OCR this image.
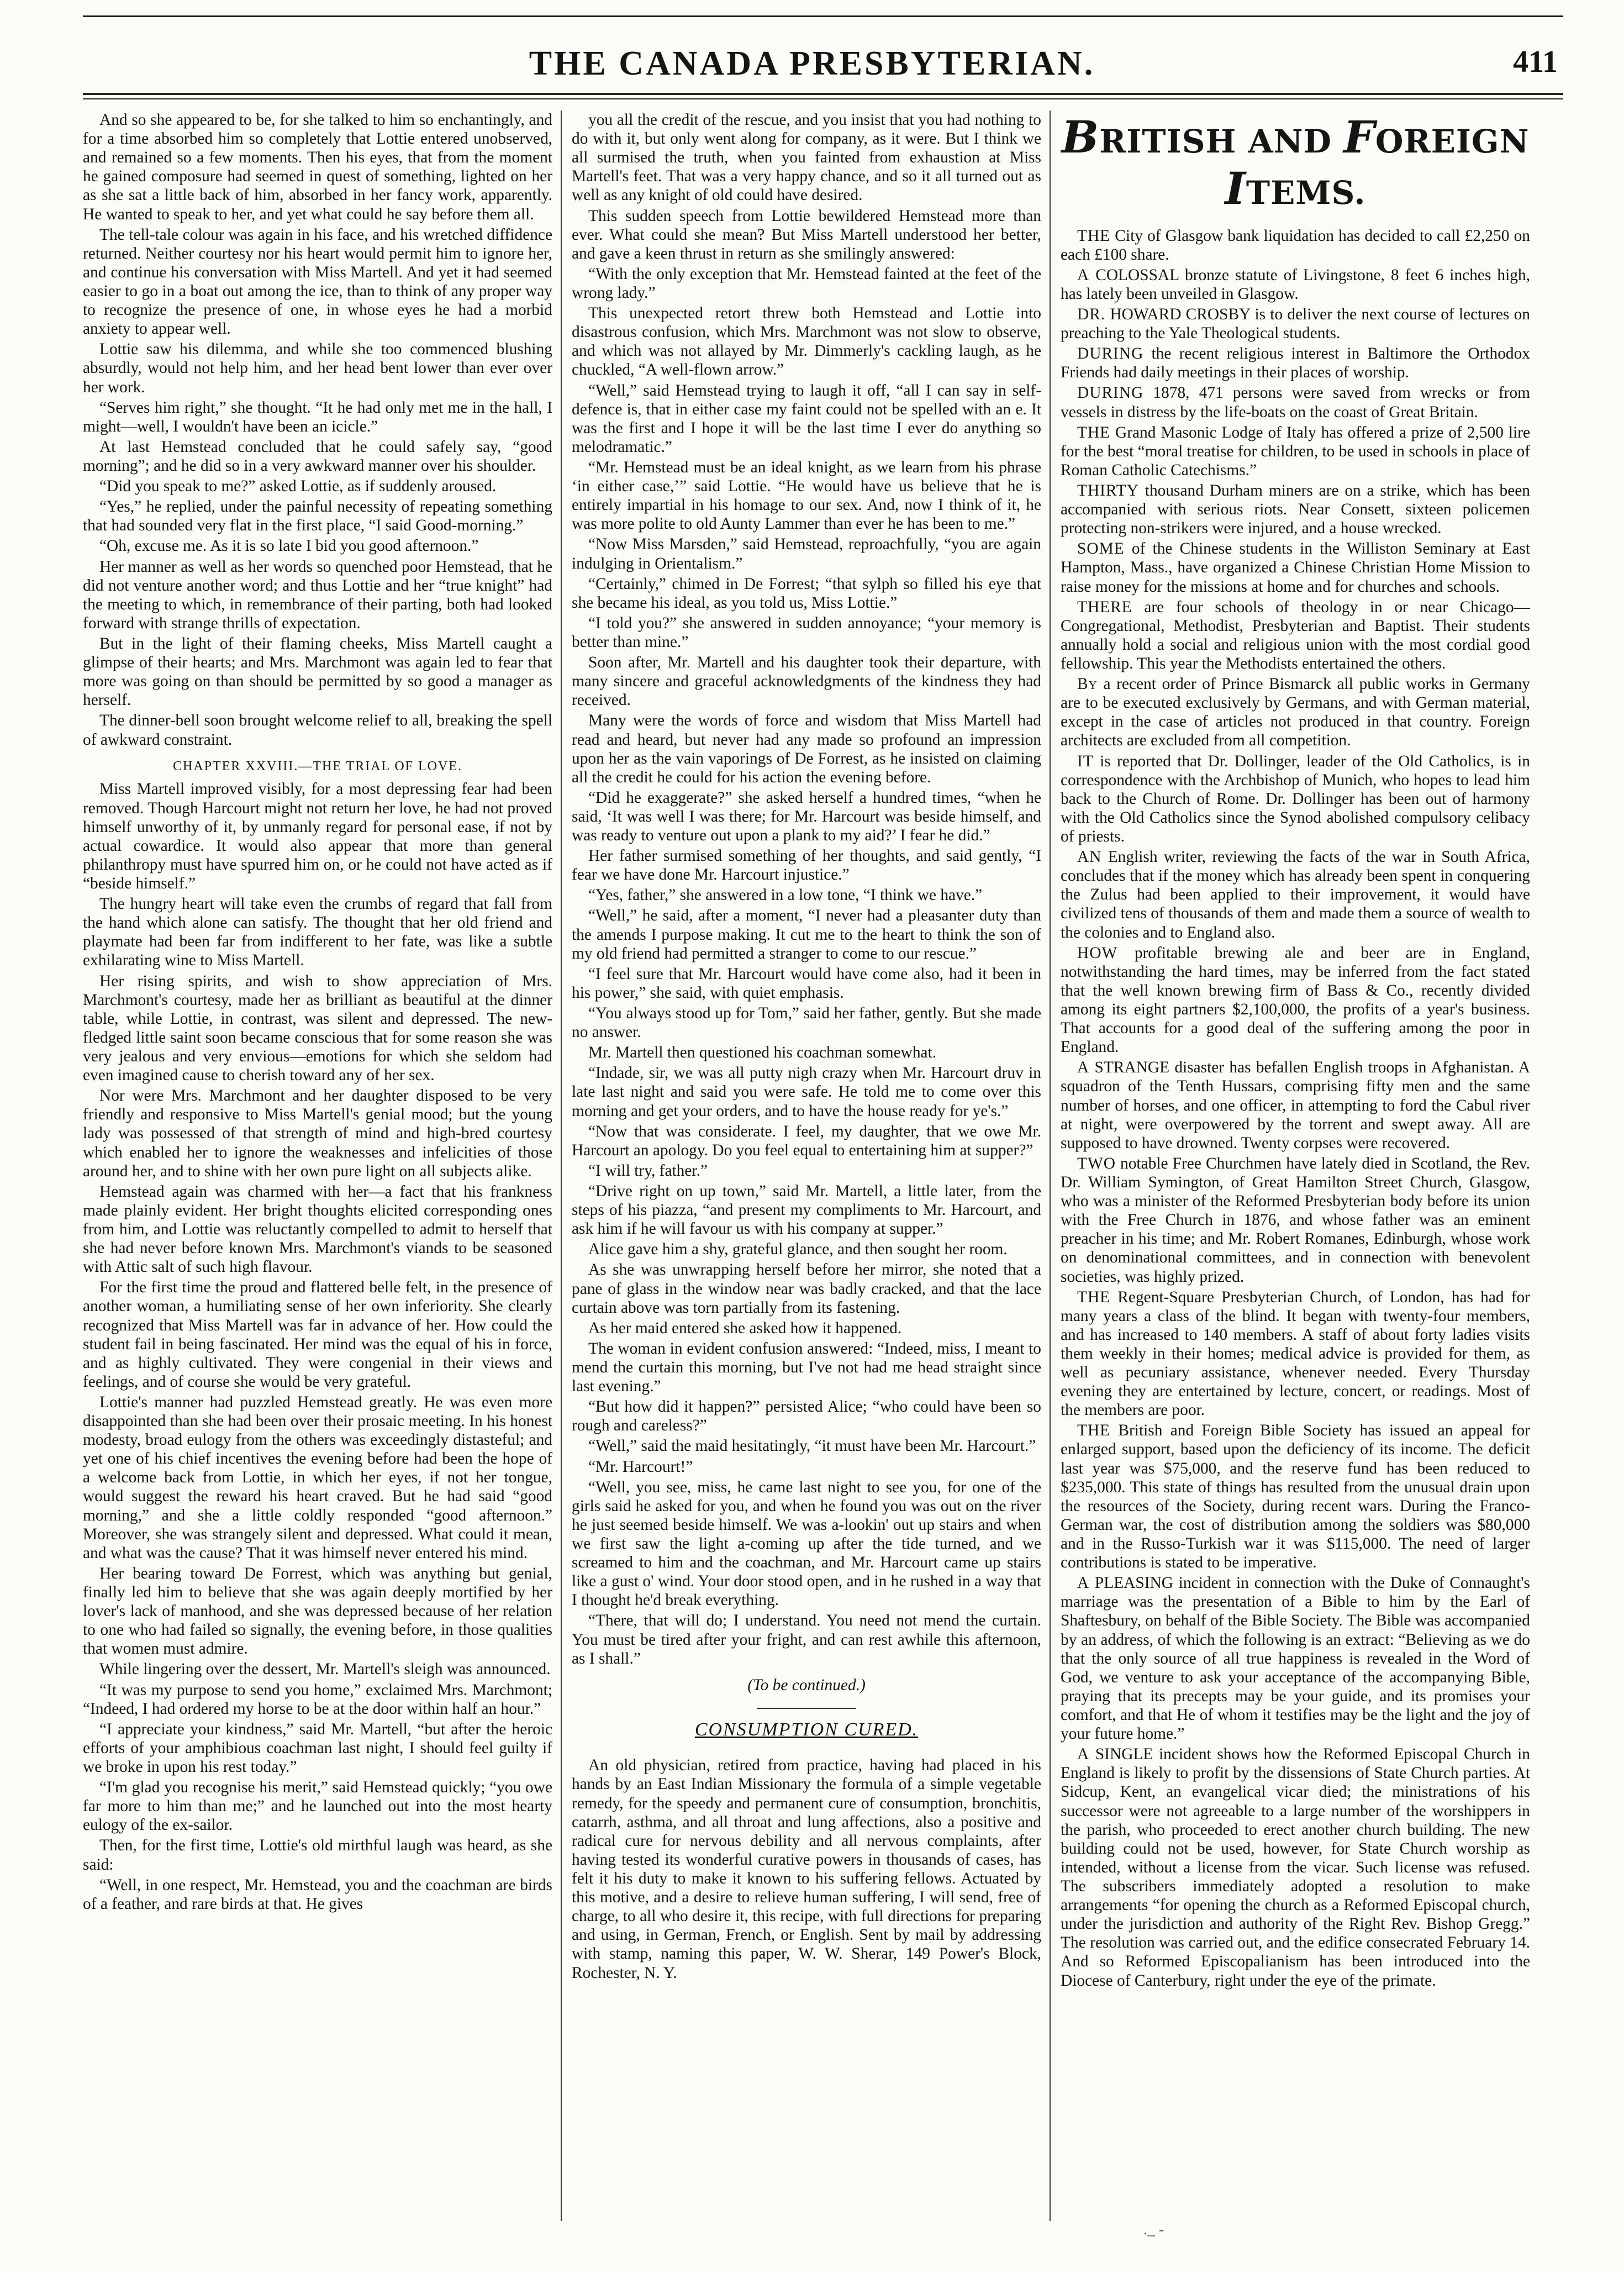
THE CANADA PRESBYTERIAN.	411

And so she appeared to be, for she talked to him so enchantingly, and for a time absorbed him so completely that Lottie entered unobserved, and remained so a few moments. Then his eyes, that from the moment he gained composure had seemed in quest of something, lighted on her as she sat a little back of him, absorbed in her fancy work, apparently. He wanted to speak to her, and yet what could he say before them all.

The tell-tale colour was again in his face, and his wretched diffidence returned. Neither courtesy nor his heart would permit him to ignore her, and continue his conversation with Miss Martell. And yet it had seemed easier to go in a boat out among the ice, than to think of any proper way to recognize the presence of one, in whose eyes he had a morbid anxiety to appear well.

Lottie saw his dilemma, and while she too commenced blushing absurdly, would not help him, and her head bent lower than ever over her work.

“Serves him right,” she thought. “It he had only met me in the hall, I might—well, I wouldn't have been an icicle.”

At last Hemstead concluded that he could safely say, “good morning”; and he did so in a very awkward manner over his shoulder.

“Did you speak to me?” asked Lottie, as if suddenly aroused.

“Yes,” he replied, under the painful necessity of repeating something that had sounded very flat in the first place, “I said Good-morning.”

“Oh, excuse me. As it is so late I bid you good afternoon.”

Her manner as well as her words so quenched poor Hemstead, that he did not venture another word; and thus Lottie and her “true knight” had the meeting to which, in remembrance of their parting, both had looked forward with strange thrills of expectation.

But in the light of their flaming cheeks, Miss Martell caught a glimpse of their hearts; and Mrs. Marchmont was again led to fear that more was going on than should be permitted by so good a manager as herself.

The dinner-bell soon brought welcome relief to all, breaking the spell of awkward constraint.

CHAPTER XXVIII.—THE TRIAL OF LOVE.

Miss Martell improved visibly, for a most depressing fear had been removed. Though Harcourt might not return her love, he had not proved himself unworthy of it, by unmanly regard for personal ease, if not by actual cowardice. It would also appear that more than general philanthropy must have spurred him on, or he could not have acted as if “beside himself.”

The hungry heart will take even the crumbs of regard that fall from the hand which alone can satisfy. The thought that her old friend and playmate had been far from indifferent to her fate, was like a subtle exhilarating wine to Miss Martell.

Her rising spirits, and wish to show appreciation of Mrs. Marchmont's courtesy, made her as brilliant as beautiful at the dinner table, while Lottie, in contrast, was silent and depressed. The new-fledged little saint soon became conscious that for some reason she was very jealous and very envious—emotions for which she seldom had even imagined cause to cherish toward any of her sex.

Nor were Mrs. Marchmont and her daughter disposed to be very friendly and responsive to Miss Martell's genial mood; but the young lady was possessed of that strength of mind and high-bred courtesy which enabled her to ignore the weaknesses and infelicities of those around her, and to shine with her own pure light on all subjects alike.

Hemstead again was charmed with her—a fact that his frankness made plainly evident. Her bright thoughts elicited corresponding ones from him, and Lottie was reluctantly compelled to admit to herself that she had never before known Mrs. Marchmont's viands to be seasoned with Attic salt of such high flavour.

For the first time the proud and flattered belle felt, in the presence of another woman, a humiliating sense of her own inferiority. She clearly recognized that Miss Martell was far in advance of her. How could the student fail in being fascinated. Her mind was the equal of his in force, and as highly cultivated. They were congenial in their views and feelings, and of course she would be very grateful.

Lottie's manner had puzzled Hemstead greatly. He was even more disappointed than she had been over their prosaic meeting. In his honest modesty, broad eulogy from the others was exceedingly distasteful; and yet one of his chief incentives the evening before had been the hope of a welcome back from Lottie, in which her eyes, if not her tongue, would suggest the reward his heart craved. But he had said “good morning,” and she a little coldly responded “good afternoon.” Moreover, she was strangely silent and depressed. What could it mean, and what was the cause? That it was himself never entered his mind.

Her bearing toward De Forrest, which was anything but genial, finally led him to believe that she was again deeply mortified by her lover's lack of manhood, and she was depressed because of her relation to one who had failed so signally, the evening before, in those qualities that women must admire.

While lingering over the dessert, Mr. Martell's sleigh was announced.

“It was my purpose to send you home,” exclaimed Mrs. Marchmont; “Indeed, I had ordered my horse to be at the door within half an hour.”

“I appreciate your kindness,” said Mr. Martell, “but after the heroic efforts of your amphibious coachman last night, I should feel guilty if we broke in upon his rest today.”

“I'm glad you recognise his merit,” said Hemstead quickly; “you owe far more to him than me;” and he launched out into the most hearty eulogy of the ex-sailor.

Then, for the first time, Lottie's old mirthful laugh was heard, as she said:

“Well, in one respect, Mr. Hemstead, you and the coachman are birds of a feather, and rare birds at that. He gives

you all the credit of the rescue, and you insist that you had nothing to do with it, but only went along for company, as it were. But I think we all surmised the truth, when you fainted from exhaustion at Miss Martell's feet. That was a very happy chance, and so it all turned out as well as any knight of old could have desired.

This sudden speech from Lottie bewildered Hemstead more than ever. What could she mean? But Miss Martell understood her better, and gave a keen thrust in return as she smilingly answered:

“With the only exception that Mr. Hemstead fainted at the feet of the wrong lady.”

This unexpected retort threw both Hemstead and Lottie into disastrous confusion, which Mrs. Marchmont was not slow to observe, and which was not allayed by Mr. Dimmerly's cackling laugh, as he chuckled, “A well-flown arrow.”

“Well,” said Hemstead trying to laugh it off, “all I can say in self-defence is, that in either case my faint could not be spelled with an e. It was the first and I hope it will be the last time I ever do anything so melodramatic.”

“Mr. Hemstead must be an ideal knight, as we learn from his phrase ‘in either case,’” said Lottie. “He would have us believe that he is entirely impartial in his homage to our sex. And, now I think of it, he was more polite to old Aunty Lammer than ever he has been to me.”

“Now Miss Marsden,” said Hemstead, reproachfully, “you are again indulging in Orientalism.”

“Certainly,” chimed in De Forrest; “that sylph so filled his eye that she became his ideal, as you told us, Miss Lottie.”

“I told you?” she answered in sudden annoyance; “your memory is better than mine.”

Soon after, Mr. Martell and his daughter took their departure, with many sincere and graceful acknowledgments of the kindness they had received.

Many were the words of force and wisdom that Miss Martell had read and heard, but never had any made so profound an impression upon her as the vain vaporings of De Forrest, as he insisted on claiming all the credit he could for his action the evening before.

“Did he exaggerate?” she asked herself a hundred times, “when he said, ‘It was well I was there; for Mr. Harcourt was beside himself, and was ready to venture out upon a plank to my aid?’ I fear he did.”

Her father surmised something of her thoughts, and said gently, “I fear we have done Mr. Harcourt injustice.”

“Yes, father,” she answered in a low tone, “I think we have.”

“Well,” he said, after a moment, “I never had a pleasanter duty than the amends I purpose making. It cut me to the heart to think the son of my old friend had permitted a stranger to come to our rescue.”

“I feel sure that Mr. Harcourt would have come also, had it been in his power,” she said, with quiet emphasis.

“You always stood up for Tom,” said her father, gently. But she made no answer.

Mr. Martell then questioned his coachman somewhat.

“Indade, sir, we was all putty nigh crazy when Mr. Harcourt druv in late last night and said you were safe. He told me to come over this morning and get your orders, and to have the house ready for ye's.”

“Now that was considerate. I feel, my daughter, that we owe Mr. Harcourt an apology. Do you feel equal to entertaining him at supper?”

“I will try, father.”

“Drive right on up town,” said Mr. Martell, a little later, from the steps of his piazza, “and present my compliments to Mr. Harcourt, and ask him if he will favour us with his company at supper.”

Alice gave him a shy, grateful glance, and then sought her room.

As she was unwrapping herself before her mirror, she noted that a pane of glass in the window near was badly cracked, and that the lace curtain above was torn partially from its fastening.

As her maid entered she asked how it happened.

The woman in evident confusion answered: “Indeed, miss, I meant to mend the curtain this morning, but I've not had me head straight since last evening.”

“But how did it happen?” persisted Alice; “who could have been so rough and careless?”

“Well,” said the maid hesitatingly, “it must have been Mr. Harcourt.”

“Mr. Harcourt!”

“Well, you see, miss, he came last night to see you, for one of the girls said he asked for you, and when he found you was out on the river he just seemed beside himself. We was a-lookin' out up stairs and when we first saw the light a-coming up after the tide turned, and we screamed to him and the coachman, and Mr. Harcourt came up stairs like a gust o' wind. Your door stood open, and in he rushed in a way that I thought he'd break everything.

“There, that will do; I understand. You need not mend the curtain. You must be tired after your fright, and can rest awhile this afternoon, as I shall.”

(To be continued.)
CONSUMPTION CURED.

An old physician, retired from practice, having had placed in his hands by an East Indian Missionary the formula of a simple vegetable remedy, for the speedy and permanent cure of consumption, bronchitis, catarrh, asthma, and all throat and lung affections, also a positive and radical cure for nervous debility and all nervous complaints, after having tested its wonderful curative powers in thousands of cases, has felt it his duty to make it known to his suffering fellows. Actuated by this motive, and a desire to relieve human suffering, I will send, free of charge, to all who desire it, this recipe, with full directions for preparing and using, in German, French, or English. Sent by mail by addressing with stamp, naming this paper, W. W. Sherar, 149 Power's Block, Rochester, N. Y.

BRITISH AND FOREIGN ITEMS.

THE City of Glasgow bank liquidation has decided to call £2,250 on each £100 share.

A COLOSSAL bronze statute of Livingstone, 8 feet 6 inches high, has lately been unveiled in Glasgow.

DR. HOWARD CROSBY is to deliver the next course of lectures on preaching to the Yale Theological students.

DURING the recent religious interest in Baltimore the Orthodox Friends had daily meetings in their places of worship.

DURING 1878, 471 persons were saved from wrecks or from vessels in distress by the life-boats on the coast of Great Britain.

THE Grand Masonic Lodge of Italy has offered a prize of 2,500 lire for the best “moral treatise for children, to be used in schools in place of Roman Catholic Catechisms.”

THIRTY thousand Durham miners are on a strike, which has been accompanied with serious riots. Near Consett, sixteen policemen protecting non-strikers were injured, and a house wrecked.

SOME of the Chinese students in the Williston Seminary at East Hampton, Mass., have organized a Chinese Christian Home Mission to raise money for the missions at home and for churches and schools.

THERE are four schools of theology in or near Chicago—Congregational, Methodist, Presbyterian and Baptist. Their students annually hold a social and religious union with the most cordial good fellowship. This year the Methodists entertained the others.

By a recent order of Prince Bismarck all public works in Germany are to be executed exclusively by Germans, and with German material, except in the case of articles not produced in that country. Foreign architects are excluded from all competition.

IT is reported that Dr. Dollinger, leader of the Old Catholics, is in correspondence with the Archbishop of Munich, who hopes to lead him back to the Church of Rome. Dr. Dollinger has been out of harmony with the Old Catholics since the Synod abolished compulsory celibacy of priests.

AN English writer, reviewing the facts of the war in South Africa, concludes that if the money which has already been spent in conquering the Zulus had been applied to their improvement, it would have civilized tens of thousands of them and made them a source of wealth to the colonies and to England also.

HOW profitable brewing ale and beer are in England, notwithstanding the hard times, may be inferred from the fact stated that the well known brewing firm of Bass & Co., recently divided among its eight partners $2,100,000, the profits of a year's business. That accounts for a good deal of the suffering among the poor in England.

A STRANGE disaster has befallen English troops in Afghanistan. A squadron of the Tenth Hussars, comprising fifty men and the same number of horses, and one officer, in attempting to ford the Cabul river at night, were overpowered by the torrent and swept away. All are supposed to have drowned. Twenty corpses were recovered.

TWO notable Free Churchmen have lately died in Scotland, the Rev. Dr. William Symington, of Great Hamilton Street Church, Glasgow, who was a minister of the Reformed Presbyterian body before its union with the Free Church in 1876, and whose father was an eminent preacher in his time; and Mr. Robert Romanes, Edinburgh, whose work on denominational committees, and in connection with benevolent societies, was highly prized.

THE Regent-Square Presbyterian Church, of London, has had for many years a class of the blind. It began with twenty-four members, and has increased to 140 members. A staff of about forty ladies visits them weekly in their homes; medical advice is provided for them, as well as pecuniary assistance, whenever needed. Every Thursday evening they are entertained by lecture, concert, or readings. Most of the members are poor.

THE British and Foreign Bible Society has issued an appeal for enlarged support, based upon the deficiency of its income. The deficit last year was $75,000, and the reserve fund has been reduced to $235,000. This state of things has resulted from the unusual drain upon the resources of the Society, during recent wars. During the Franco-German war, the cost of distribution among the soldiers was $80,000 and in the Russo-Turkish war it was $115,000. The need of larger contributions is stated to be imperative.

A PLEASING incident in connection with the Duke of Connaught's marriage was the presentation of a Bible to him by the Earl of Shaftesbury, on behalf of the Bible Society. The Bible was accompanied by an address, of which the following is an extract: “Believing as we do that the only source of all true happiness is revealed in the Word of God, we venture to ask your acceptance of the accompanying Bible, praying that its precepts may be your guide, and its promises your comfort, and that He of whom it testifies may be the light and the joy of your future home.”

A SINGLE incident shows how the Reformed Episcopal Church in England is likely to profit by the dissensions of State Church parties. At Sidcup, Kent, an evangelical vicar died; the ministrations of his successor were not agreeable to a large number of the worshippers in the parish, who proceeded to erect another church building. The new building could not be used, however, for State Church worship as intended, without a license from the vicar. Such license was refused. The subscribers immediately adopted a resolution to make arrangements “for opening the church as a Reformed Episcopal church, under the jurisdiction and authority of the Right Rev. Bishop Gregg.” The resolution was carried out, and the edifice consecrated February 14. And so Reformed Episcopalianism has been introduced into the Diocese of Canterbury, right under the eye of the primate.

._ -
